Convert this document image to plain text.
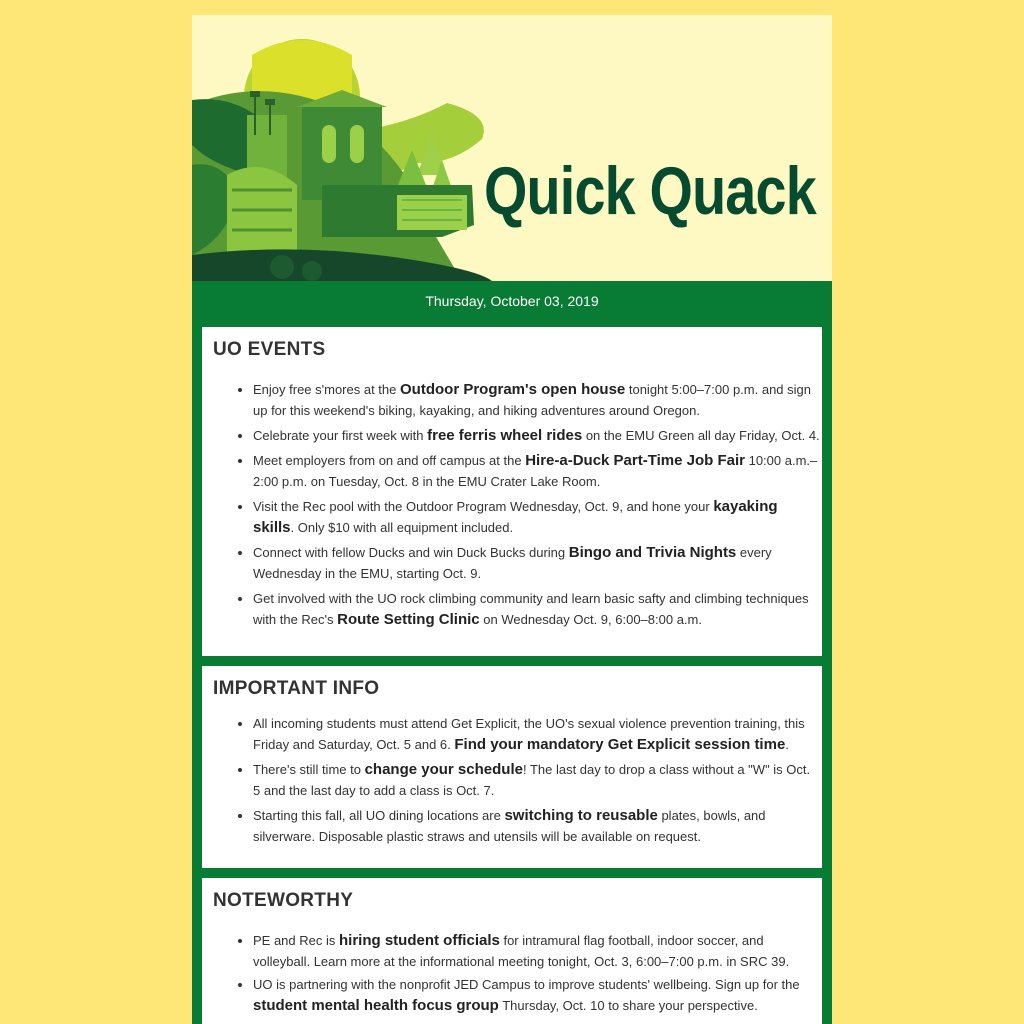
Quick Quack
Thursday, October 03, 2019
UO EVENTS
• Enjoy free s'mores at the Outdoor Program's open house tonight 5:00–7:00 p.m. and sign up for this weekend's biking, kayaking, and hiking adventures around Oregon.
• Celebrate your first week with free ferris wheel rides on the EMU Green all day Friday, Oct. 4.
• Meet employers from on and off campus at the Hire-a-Duck Part-Time Job Fair 10:00 a.m.–2:00 p.m. on Tuesday, Oct. 8 in the EMU Crater Lake Room.
• Visit the Rec pool with the Outdoor Program Wednesday, Oct. 9, and hone your kayaking skills. Only $10 with all equipment included.
• Connect with fellow Ducks and win Duck Bucks during Bingo and Trivia Nights every Wednesday in the EMU, starting Oct. 9.
• Get involved with the UO rock climbing community and learn basic safty and climbing techniques with the Rec's Route Setting Clinic on Wednesday Oct. 9, 6:00–8:00 a.m.
IMPORTANT INFO
• All incoming students must attend Get Explicit, the UO's sexual violence prevention training, this Friday and Saturday, Oct. 5 and 6. Find your mandatory Get Explicit session time.
• There's still time to change your schedule! The last day to drop a class without a "W" is Oct. 5 and the last day to add a class is Oct. 7.
• Starting this fall, all UO dining locations are switching to reusable plates, bowls, and silverware. Disposable plastic straws and utensils will be available on request.
NOTEWORTHY
• PE and Rec is hiring student officials for intramural flag football, indoor soccer, and volleyball. Learn more at the informational meeting tonight, Oct. 3, 6:00–7:00 p.m. in SRC 39.
• UO is partnering with the nonprofit JED Campus to improve students' wellbeing. Sign up for the student mental health focus group Thursday, Oct. 10 to share your perspective.
